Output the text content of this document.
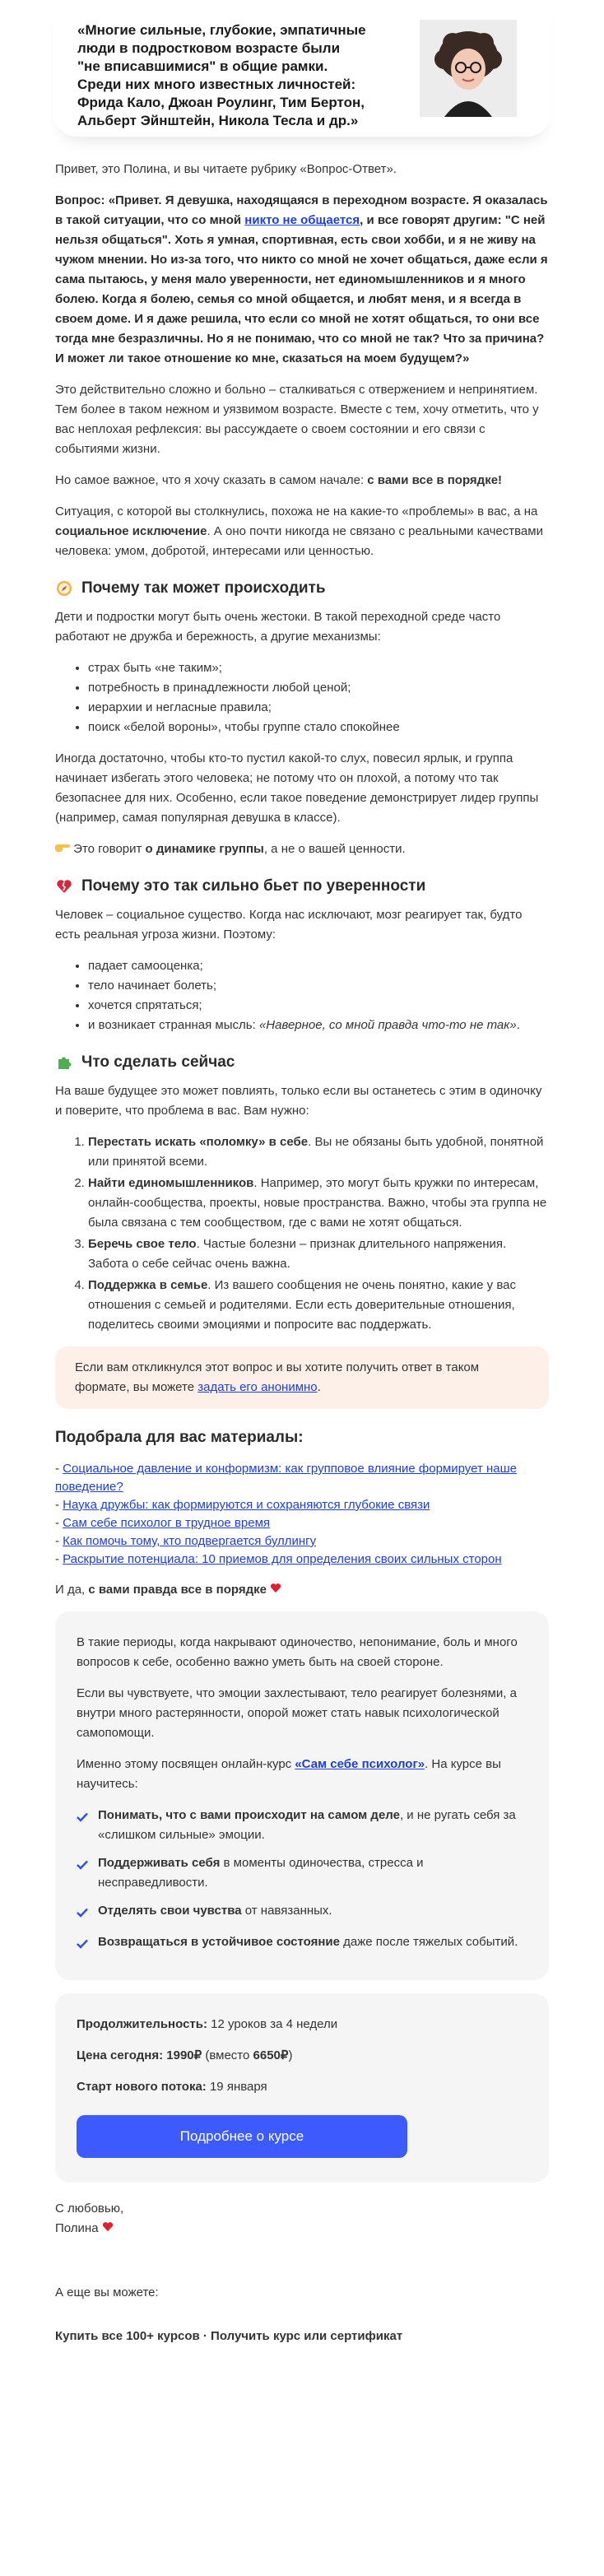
«Многие сильные, глубокие, эмпатичные
люди в подростковом возрасте были
"не вписавшимися" в общие рамки.
Среди них много известных личностей:
Фрида Кало, Джоан Роулинг, Тим Бертон,
Альберт Эйнштейн, Никола Тесла и др.»

Привет, это Полина, и вы читаете рубрику «Вопрос-Ответ».

Вопрос: «Привет. Я девушка, находящаяся в переходном возрасте. Я оказалась в такой ситуации, что со мной никто не общается, и все говорят другим: "С ней нельзя общаться". Хоть я умная, спортивная, есть свои хобби, и я не живу на чужом мнении. Но из-за того, что никто со мной не хочет общаться, даже если я сама пытаюсь, у меня мало уверенности, нет единомышленников и я много болею. Когда я болею, семья со мной общается, и любят меня, и я всегда в своем доме. И я даже решила, что если со мной не хотят общаться, то они все тогда мне безразличны. Но я не понимаю, что со мной не так? Что за причина? И может ли такое отношение ко мне, сказаться на моем будущем?»

Это действительно сложно и больно – сталкиваться с отвержением и непринятием. Тем более в таком нежном и уязвимом возрасте. Вместе с тем, хочу отметить, что у вас неплохая рефлексия: вы рассуждаете о своем состоянии и его связи с событиями жизни.

Но самое важное, что я хочу сказать в самом начале: с вами все в порядке!

Ситуация, с которой вы столкнулись, похожа не на какие-то «проблемы» в вас, а на социальное исключение. А оно почти никогда не связано с реальными качествами человека: умом, добротой, интересами или ценностью.

Почему так может происходить

Дети и подростки могут быть очень жестоки. В такой переходной среде часто работают не дружба и бережность, а другие механизмы:

• страх быть «не таким»;
• потребность в принадлежности любой ценой;
• иерархии и негласные правила;
• поиск «белой вороны», чтобы группе стало спокойнее

Иногда достаточно, чтобы кто-то пустил какой-то слух, повесил ярлык, и группа начинает избегать этого человека; не потому что он плохой, а потому что так безопаснее для них. Особенно, если такое поведение демонстрирует лидер группы (например, самая популярная девушка в классе).

Это говорит о динамике группы, а не о вашей ценности.

Почему это так сильно бьет по уверенности

Человек – социальное существо. Когда нас исключают, мозг реагирует так, будто есть реальная угроза жизни. Поэтому:

• падает самооценка;
• тело начинает болеть;
• хочется спрятаться;
• и возникает странная мысль: «Наверное, со мной правда что-то не так».
Что сделать сейчас

На ваше будущее это может повлиять, только если вы останетесь с этим в одиночку и поверите, что проблема в вас. Вам нужно:

1. Перестать искать «поломку» в себе. Вы не обязаны быть удобной, понятной или принятой всеми.
2. Найти единомышленников. Например, это могут быть кружки по интересам, онлайн-сообщества, проекты, новые пространства. Важно, чтобы эта группа не была связана с тем сообществом, где с вами не хотят общаться.
3. Беречь свое тело. Частые болезни – признак длительного напряжения. Забота о себе сейчас очень важна.
4. Поддержка в семье. Из вашего сообщения не очень понятно, какие у вас отношения с семьей и родителями. Если есть доверительные отношения, поделитесь своими эмоциями и попросите вас поддержать.
Если вам откликнулся этот вопрос и вы хотите получить ответ в таком формате, вы можете задать его анонимно.
Подобрала для вас материалы:
- Социальное давление и конформизм: как групповое влияние формирует наше поведение?
- Наука дружбы: как формируются и сохраняются глубокие связи
- Сам себе психолог в трудное время
- Как помочь тому, кто подвергается буллингу
- Раскрытие потенциала: 10 приемов для определения своих сильных сторон

И да, с вами правда все в порядке

В такие периоды, когда накрывают одиночество, непонимание, боль и много вопросов к себе, особенно важно уметь быть на своей стороне.

Если вы чувствуете, что эмоции захлестывают, тело реагирует болезнями, а внутри много растерянности, опорой может стать навык психологической самопомощи.

Именно этому посвящен онлайн-курс «Сам себе психолог». На курсе вы научитесь:

Понимать, что с вами происходит на самом деле, и не ругать себя за «слишком сильные» эмоции.
Поддерживать себя в моменты одиночества, стресса и несправедливости.
Отделять свои чувства от навязанных.
Возвращаться в устойчивое состояние даже после тяжелых событий.
Продолжительность: 12 уроков за 4 недели
Цена сегодня: 1990₽ (вместо 6650₽)
Старт нового потока: 19 января
Подробнее о курсе
С любовью,
Полина
А еще вы можете:
Купить все 100+ курсов · Получить курс или сертификат
